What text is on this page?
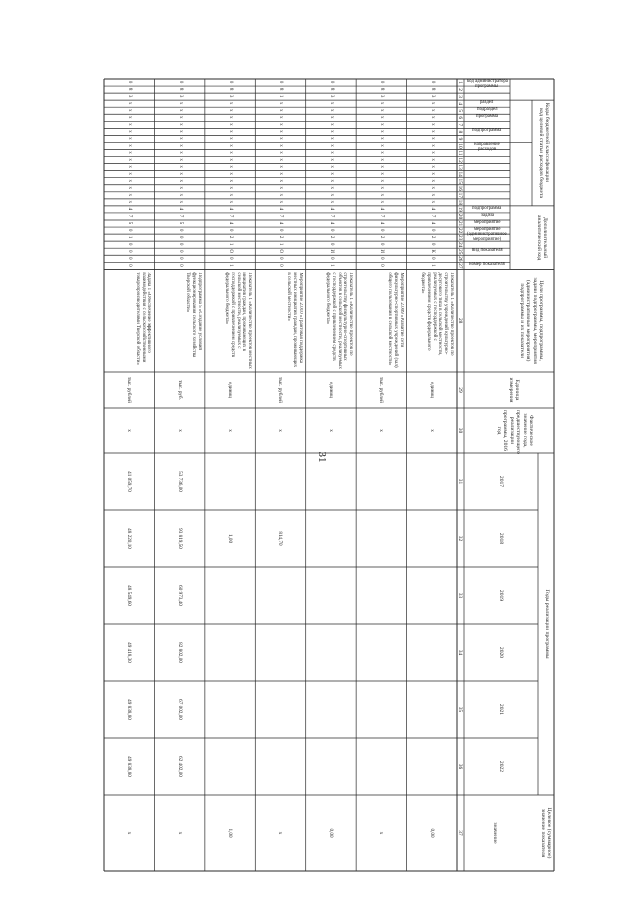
31
Коды бюджетной классификации
Дополнительный аналитический код
Цели программы, подпрограммы, задачи подпрограммы, мероприятия (административные мероприятия) подпрограммы и их показатели
Единица измерения
Фактическое значение года, предшествующего реализации программы, 2016 год
Годы реализации программы
Целевое (суммарное) значение показателя
значение
код целевой статьи расходов бюджета
код администратора программы
раздел
подраздел
программа
подпрограмма
направление расходов
подпрограмма
задача
мероприятие
мероприятие (административное мероприятие)
номер показателя
вид показателя
2017
2018
2019
2020
2021
2022
1
2
3
4
5
6
7
8
9
10
11
12
13
14
15
16
17
18
19
20
21
22
23
24
25
26
27
28
29
30
31
32
33
34
35
36
37
0
8
3
х
х
х
х
х
х
х
х
х
х
х
х
х
х
х
4
7
4
0
2
0
К
0
1
Показатель 1 «Количество проектов по строительству учреждений культурно-досугового типа в сельской местности, реализуемых с господдержкой с привлечением средств федерального бюджета»
единиц
х
0,00
0
8
3
х
х
х
х
х
х
х
х
х
х
х
х
х
х
х
4
7
4
0
2
0
И
0
0
Мероприятие 2.009 «Развитие сети физкультурно-спортивных учреждений (зал) общего пользования в сельской местности»
тыс. рублей
х
х
0
8
3
х
х
х
х
х
х
х
х
х
х
х
х
х
х
х
4
7
4
0
2
0
И
0
1
Показатель 1 «Количество проектов по строительству физкультурно-спортивных объектов в сельской местности, реализуемых с господдержкой с привлечением средств федерального бюджета»
единиц
х
0,00
0
8
1
х
х
х
х
х
х
х
х
х
х
х
х
х
х
х
4
7
4
0
2
1
О
0
0
Мероприятие 2.010 «Грантовая поддержка местных инициатив граждан, проживающих в сельской местности»
тыс. рублей
х
814,70
х
0
8
3
х
х
х
х
х
х
х
х
х
х
х
х
х
х
х
4
7
4
0
2
1
О
0
1
Показатель 1 «Количество проектов местных инициатив граждан, проживающих в сельской местности, реализуемых с господдержкой с привлечением средств федерального бюджета»
единиц
х
1,00
1,00
0
8
3
х
х
х
х
х
х
х
х
х
х
х
х
х
х
х
4
7
5
0
0
0
0
0
0
Подпрограмма 5 «Создание условий функционирования сельского хозяйства Тверской области»
тыс. руб.
х
53 736,00
93 819,50
60 973,40
82 802,00
67 002,00
62 402,00
х
0
8
3
х
х
х
х
х
х
х
х
х
х
х
х
х
х
х
4
7
5
0
1
0
0
0
0
Задача 1 «Обеспечение эффективного взаимодействия с сельскохозяйственными товаропроизводителями Тверской области»
тыс. рублей
х
41 059,70
48 220,10
48 549,60
49 418,30
49 838,80
49 838,80
х
